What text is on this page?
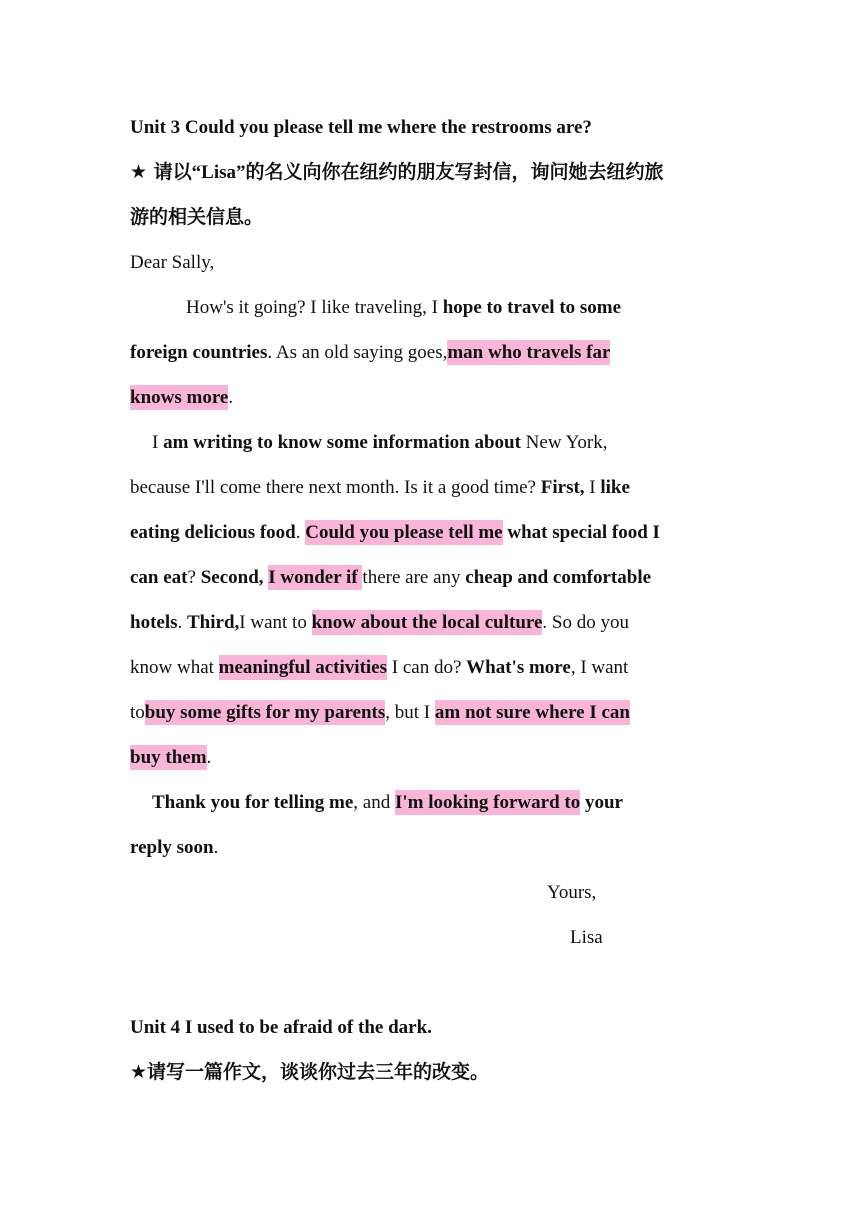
Unit 3 Could you please tell me where the restrooms are?
★ 请以“Lisa”的名义向你在纽约的朋友写封信，询问她去纽约旅
游的相关信息。
Dear Sally,
How's it going? I like traveling, I hope to travel to some
foreign countries. As an old saying goes,man who travels far
knows more.
I am writing to know some information about New York,
because I'll come there next month. Is it a good time? First, I like
eating delicious food. Could you please tell me what special food I
can eat? Second, I wonder if there are any cheap and comfortable
hotels. Third,I want to know about the local culture. So do you
know what meaningful activities I can do? What's more, I want
tobuy some gifts for my parents, but I am not sure where I can
buy them.
Thank you for telling me, and I'm looking forward to your
reply soon.
Yours,
Lisa
Unit 4 I used to be afraid of the dark.
★请写一篇作文，谈谈你过去三年的改变。
